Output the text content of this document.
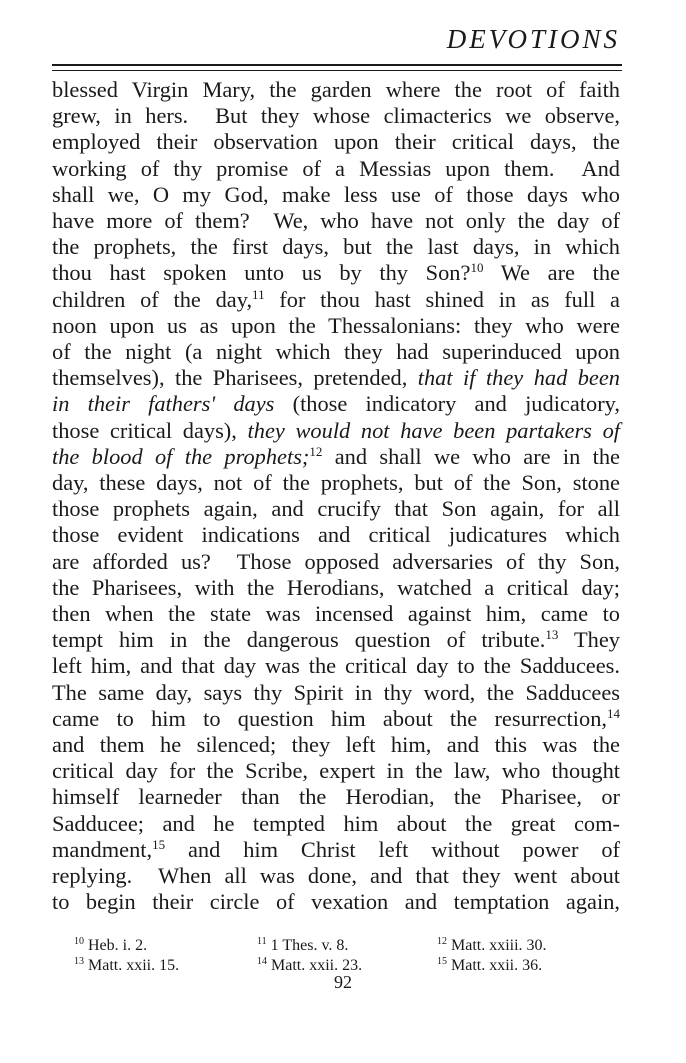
DEVOTIONS
blessed Virgin Mary, the garden where the root of faith
grew, in hers.  But they whose climacterics we observe,
employed their observation upon their critical days, the
working of thy promise of a Messias upon them.  And
shall we, O my God, make less use of those days who
have more of them?  We, who have not only the day of
the prophets, the first days, but the last days, in which
thou hast spoken unto us by thy Son?$^{10}$ We are the
children of the day,$^{11}$ for thou hast shined in as full a
noon upon us as upon the Thessalonians: they who were
of the night (a night which they had superinduced upon
themselves), the Pharisees, pretended, that if they had been
in their fathers' days (those indicatory and judicatory,
those critical days), they would not have been partakers of
the blood of the prophets;$^{12}$ and shall we who are in the
day, these days, not of the prophets, but of the Son, stone
those prophets again, and crucify that Son again, for all
those evident indications and critical judicatures which
are afforded us?  Those opposed adversaries of thy Son,
the Pharisees, with the Herodians, watched a critical day;
then when the state was incensed against him, came to
tempt him in the dangerous question of tribute.$^{13}$ They
left him, and that day was the critical day to the Sadducees.
The same day, says thy Spirit in thy word, the Sadducees
came to him to question him about the resurrection,$^{14}$
and them he silenced; they left him, and this was the
critical day for the Scribe, expert in the law, who thought
himself learneder than the Herodian, the Pharisee, or
Sadducee; and he tempted him about the great com-
mandment,$^{15}$ and him Christ left without power of
replying.  When all was done, and that they went about
to begin their circle of vexation and temptation again,
$^{10}$ Heb. i. 2.	$^{11}$ 1 Thes. v. 8.	$^{12}$ Matt. xxiii. 30.
$^{13}$ Matt. xxii. 15.	$^{14}$ Matt. xxii. 23.	$^{15}$ Matt. xxii. 36.
92
